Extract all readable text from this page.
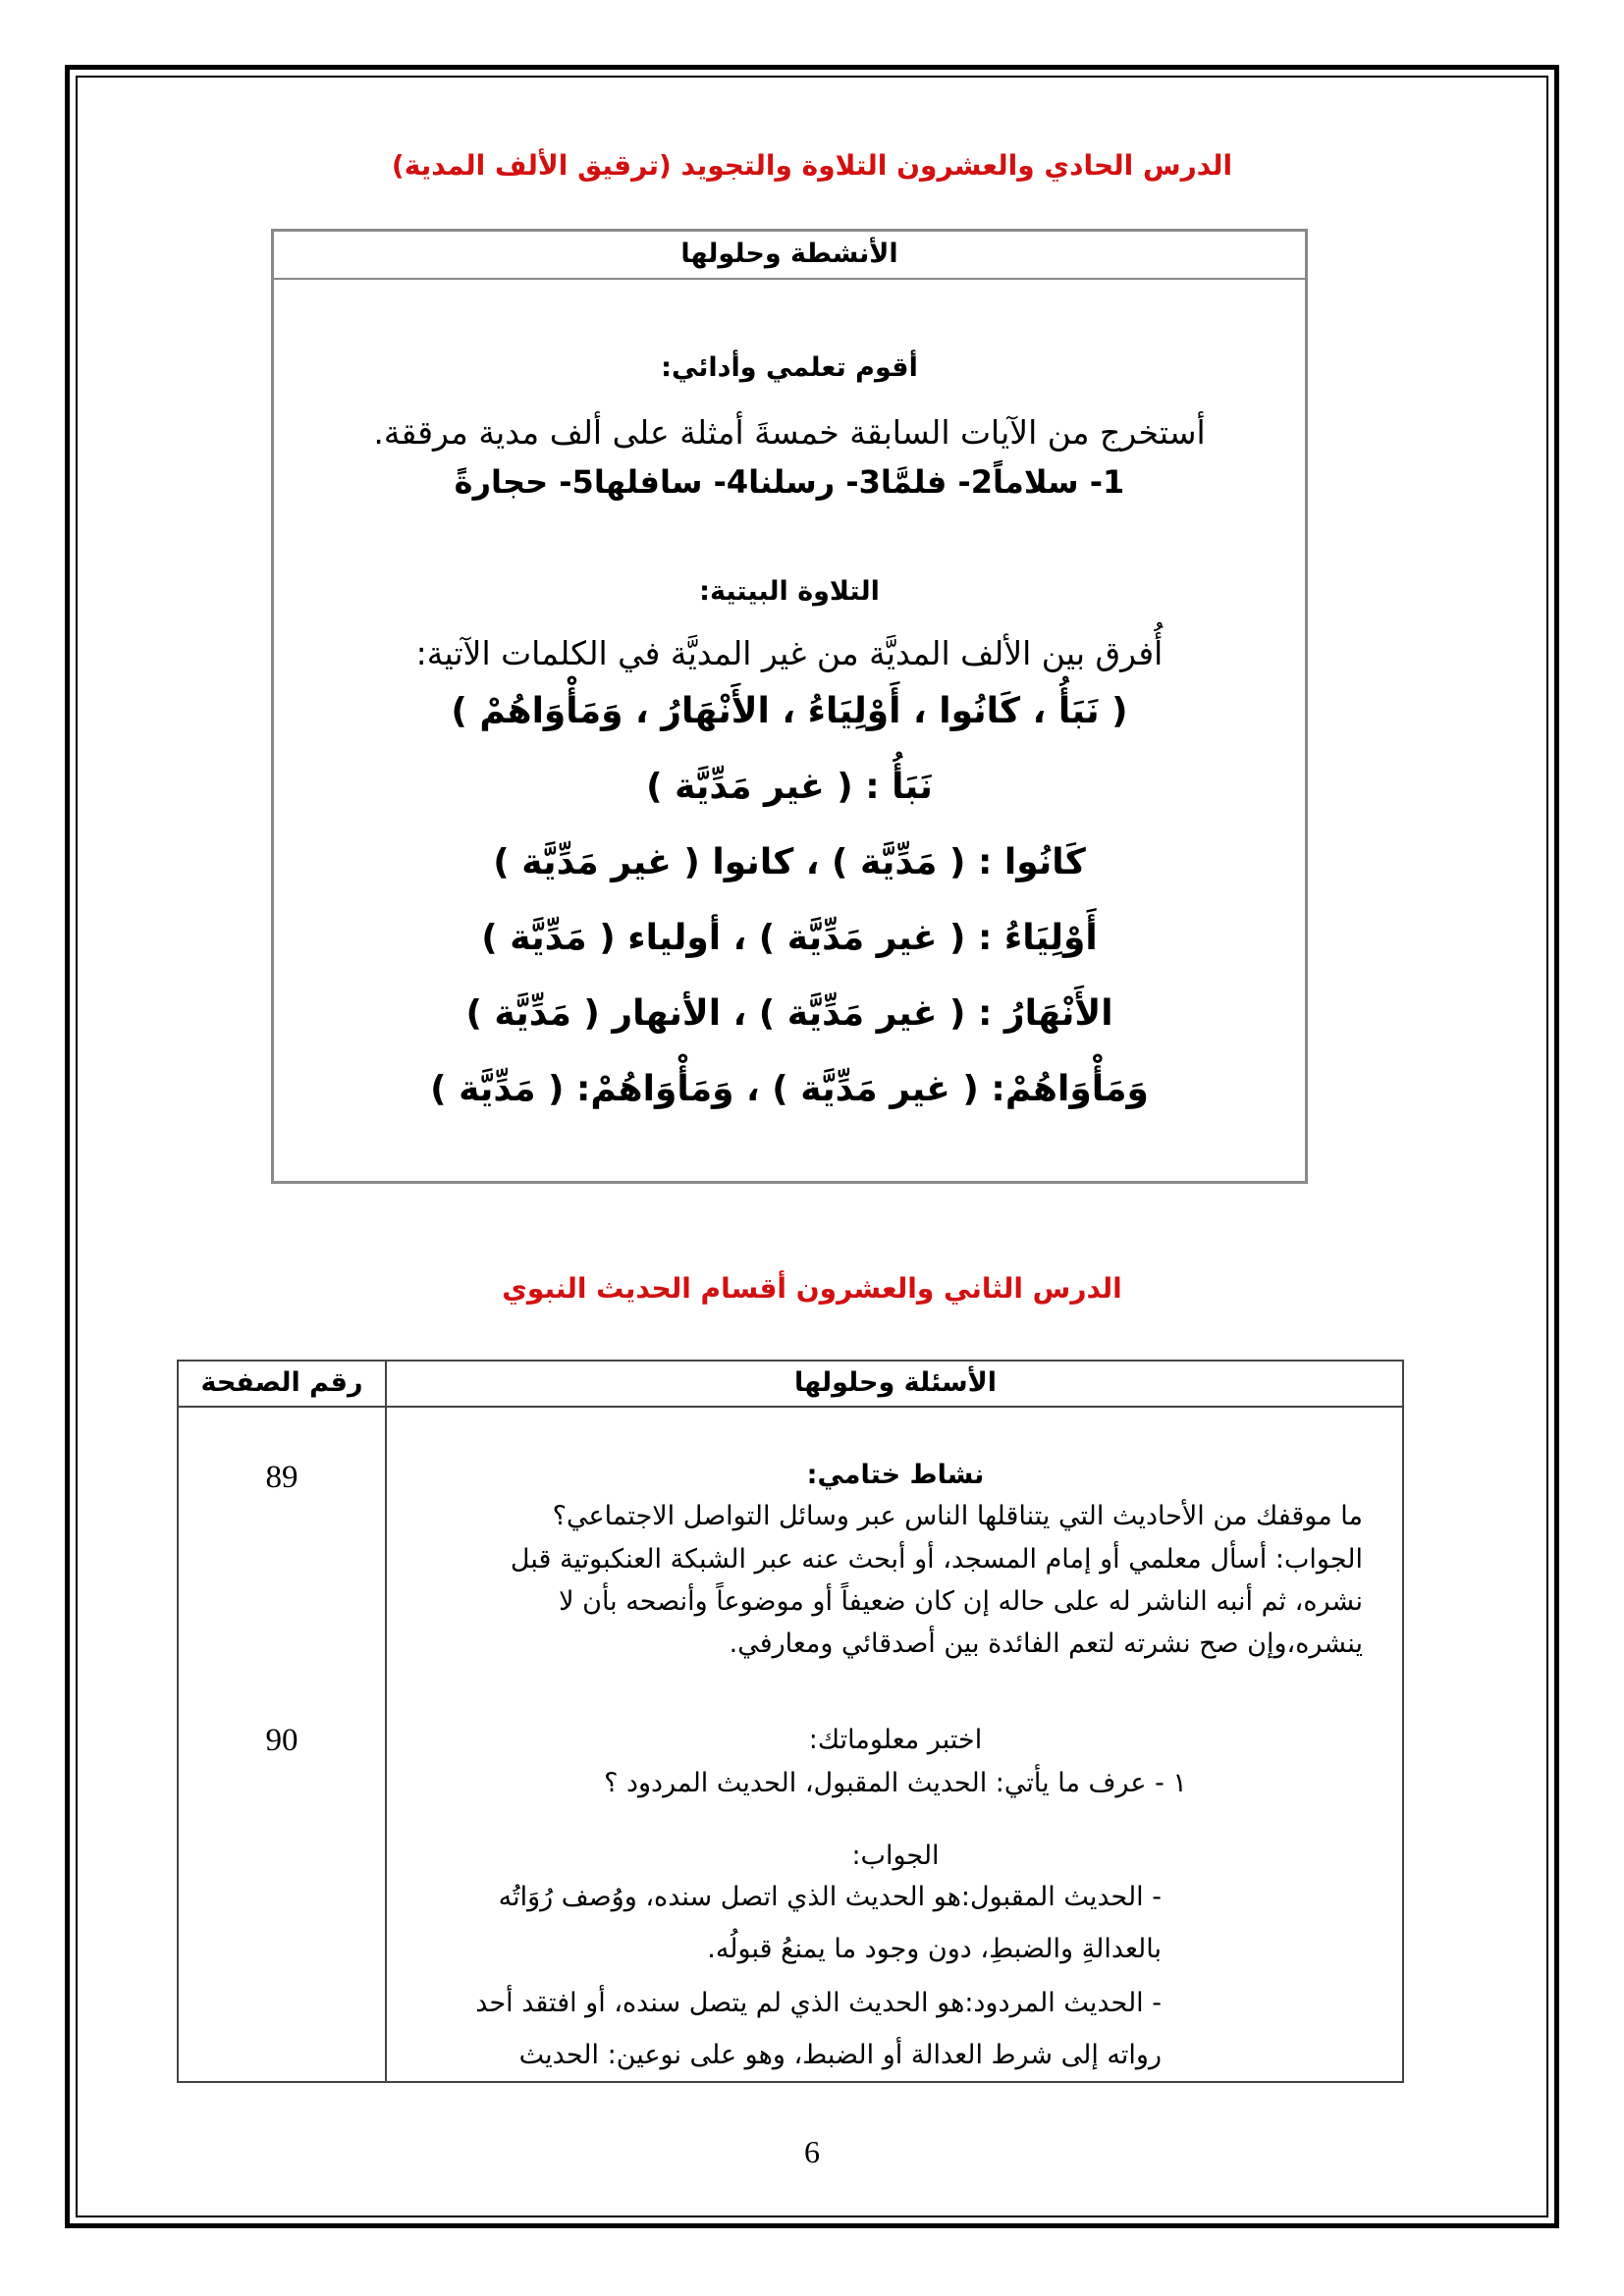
الدرس الحادي والعشرون التلاوة والتجويد (ترقيق الألف المدية)
الأنشطة وحلولها
أقوم تعلمي وأدائي:
أستخرج من الآيات السابقة خمسةَ أمثلة على ألف مدية مرققة.
1- سلاماً2- فلمَّا3- رسلنا4- سافلها5- حجارةً
التلاوة البيتية:
أُفرق بين الألف المديَّة من غير المديَّة في الكلمات الآتية:
( نَبَأُ ، كَانُوا ، أَوْلِيَاءُ ، الأَنْهَارُ ، وَمَأْوَاهُمْ )
نَبَأُ : ( غير مَدِّيَّة )
كَانُوا : ( مَدِّيَّة ) ، كانوا ( غير مَدِّيَّة )
أَوْلِيَاءُ : ( غير مَدِّيَّة ) ، أولياء ( مَدِّيَّة )
الأَنْهَارُ : ( غير مَدِّيَّة ) ، الأنهار ( مَدِّيَّة )
وَمَأْوَاهُمْ: ( غير مَدِّيَّة ) ، وَمَأْوَاهُمْ: ( مَدِّيَّة )
الدرس الثاني والعشرون أقسام الحديث النبوي
رقم الصفحة	الأسئلة وحلولها
89	نشاط ختامي:
ما موقفك من الأحاديث التي يتناقلها الناس عبر وسائل التواصل الاجتماعي؟
الجواب: أسأل معلمي أو إمام المسجد، أو أبحث عنه عبر الشبكة العنكبوتية قبل
نشره، ثم أنبه الناشر له على حاله إن كان ضعيفاً أو موضوعاً وأنصحه بأن لا
ينشره،وإن صح نشرته لتعم الفائدة بين أصدقائي ومعارفي.
90	اختبر معلوماتك:
١ - عرف ما يأتي: الحديث المقبول، الحديث المردود ؟
الجواب:
- الحديث المقبول:هو الحديث الذي اتصل سنده، ووُصف رُوَاتُه
بالعدالةِ والضبطِ، دون وجود ما يمنعُ قبولُه.
- الحديث المردود:هو الحديث الذي لم يتصل سنده، أو افتقد أحد
رواته إلى شرط العدالة أو الضبط، وهو على نوعين: الحديث
6
